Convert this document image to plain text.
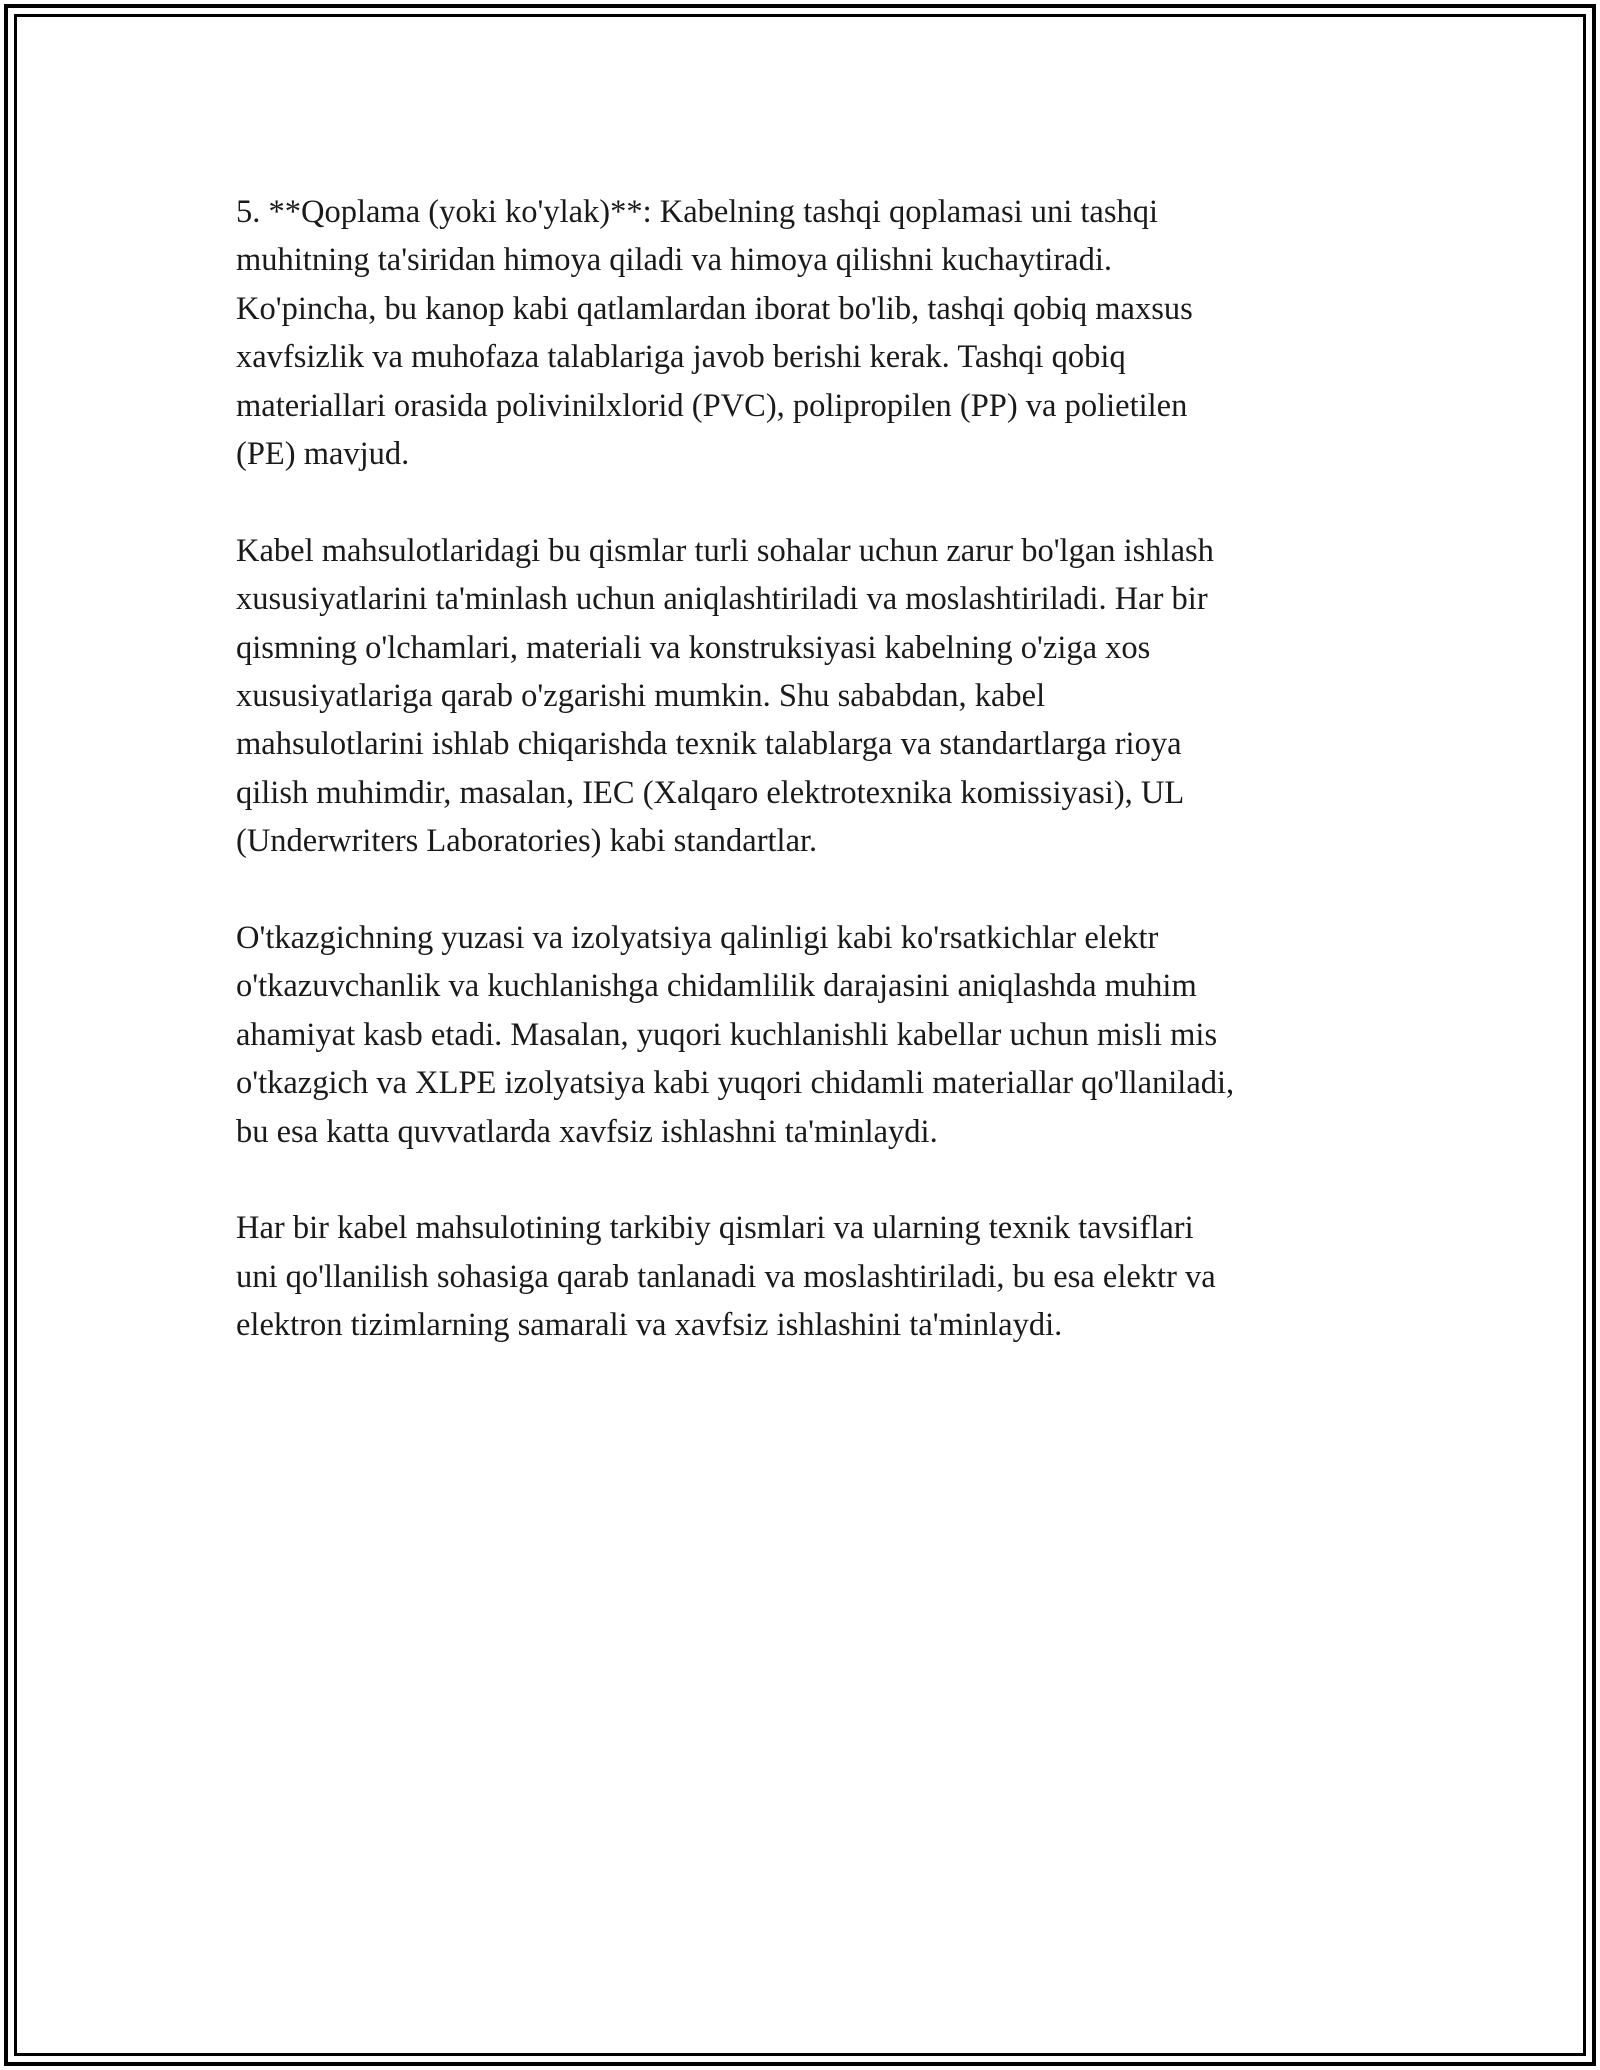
5. **Qoplama (yoki ko'ylak)**: Kabelning tashqi qoplamasi uni tashqi
muhitning ta'siridan himoya qiladi va himoya qilishni kuchaytiradi.
Ko'pincha, bu kanop kabi qatlamlardan iborat bo'lib, tashqi qobiq maxsus
xavfsizlik va muhofaza talablariga javob berishi kerak. Tashqi qobiq
materiallari orasida polivinilxlorid (PVC), polipropilen (PP) va polietilen
(PE) mavjud.

Kabel mahsulotlaridagi bu qismlar turli sohalar uchun zarur bo'lgan ishlash
xususiyatlarini ta'minlash uchun aniqlashtiriladi va moslashtiriladi. Har bir
qismning o'lchamlari, materiali va konstruksiyasi kabelning o'ziga xos
xususiyatlariga qarab o'zgarishi mumkin. Shu sababdan, kabel
mahsulotlarini ishlab chiqarishda texnik talablarga va standartlarga rioya
qilish muhimdir, masalan, IEC (Xalqaro elektrotexnika komissiyasi), UL
(Underwriters Laboratories) kabi standartlar.

O'tkazgichning yuzasi va izolyatsiya qalinligi kabi ko'rsatkichlar elektr
o'tkazuvchanlik va kuchlanishga chidamlilik darajasini aniqlashda muhim
ahamiyat kasb etadi. Masalan, yuqori kuchlanishli kabellar uchun misli mis
o'tkazgich va XLPE izolyatsiya kabi yuqori chidamli materiallar qo'llaniladi,
bu esa katta quvvatlarda xavfsiz ishlashni ta'minlaydi.

Har bir kabel mahsulotining tarkibiy qismlari va ularning texnik tavsiflari
uni qo'llanilish sohasiga qarab tanlanadi va moslashtiriladi, bu esa elektr va
elektron tizimlarning samarali va xavfsiz ishlashini ta'minlaydi.
